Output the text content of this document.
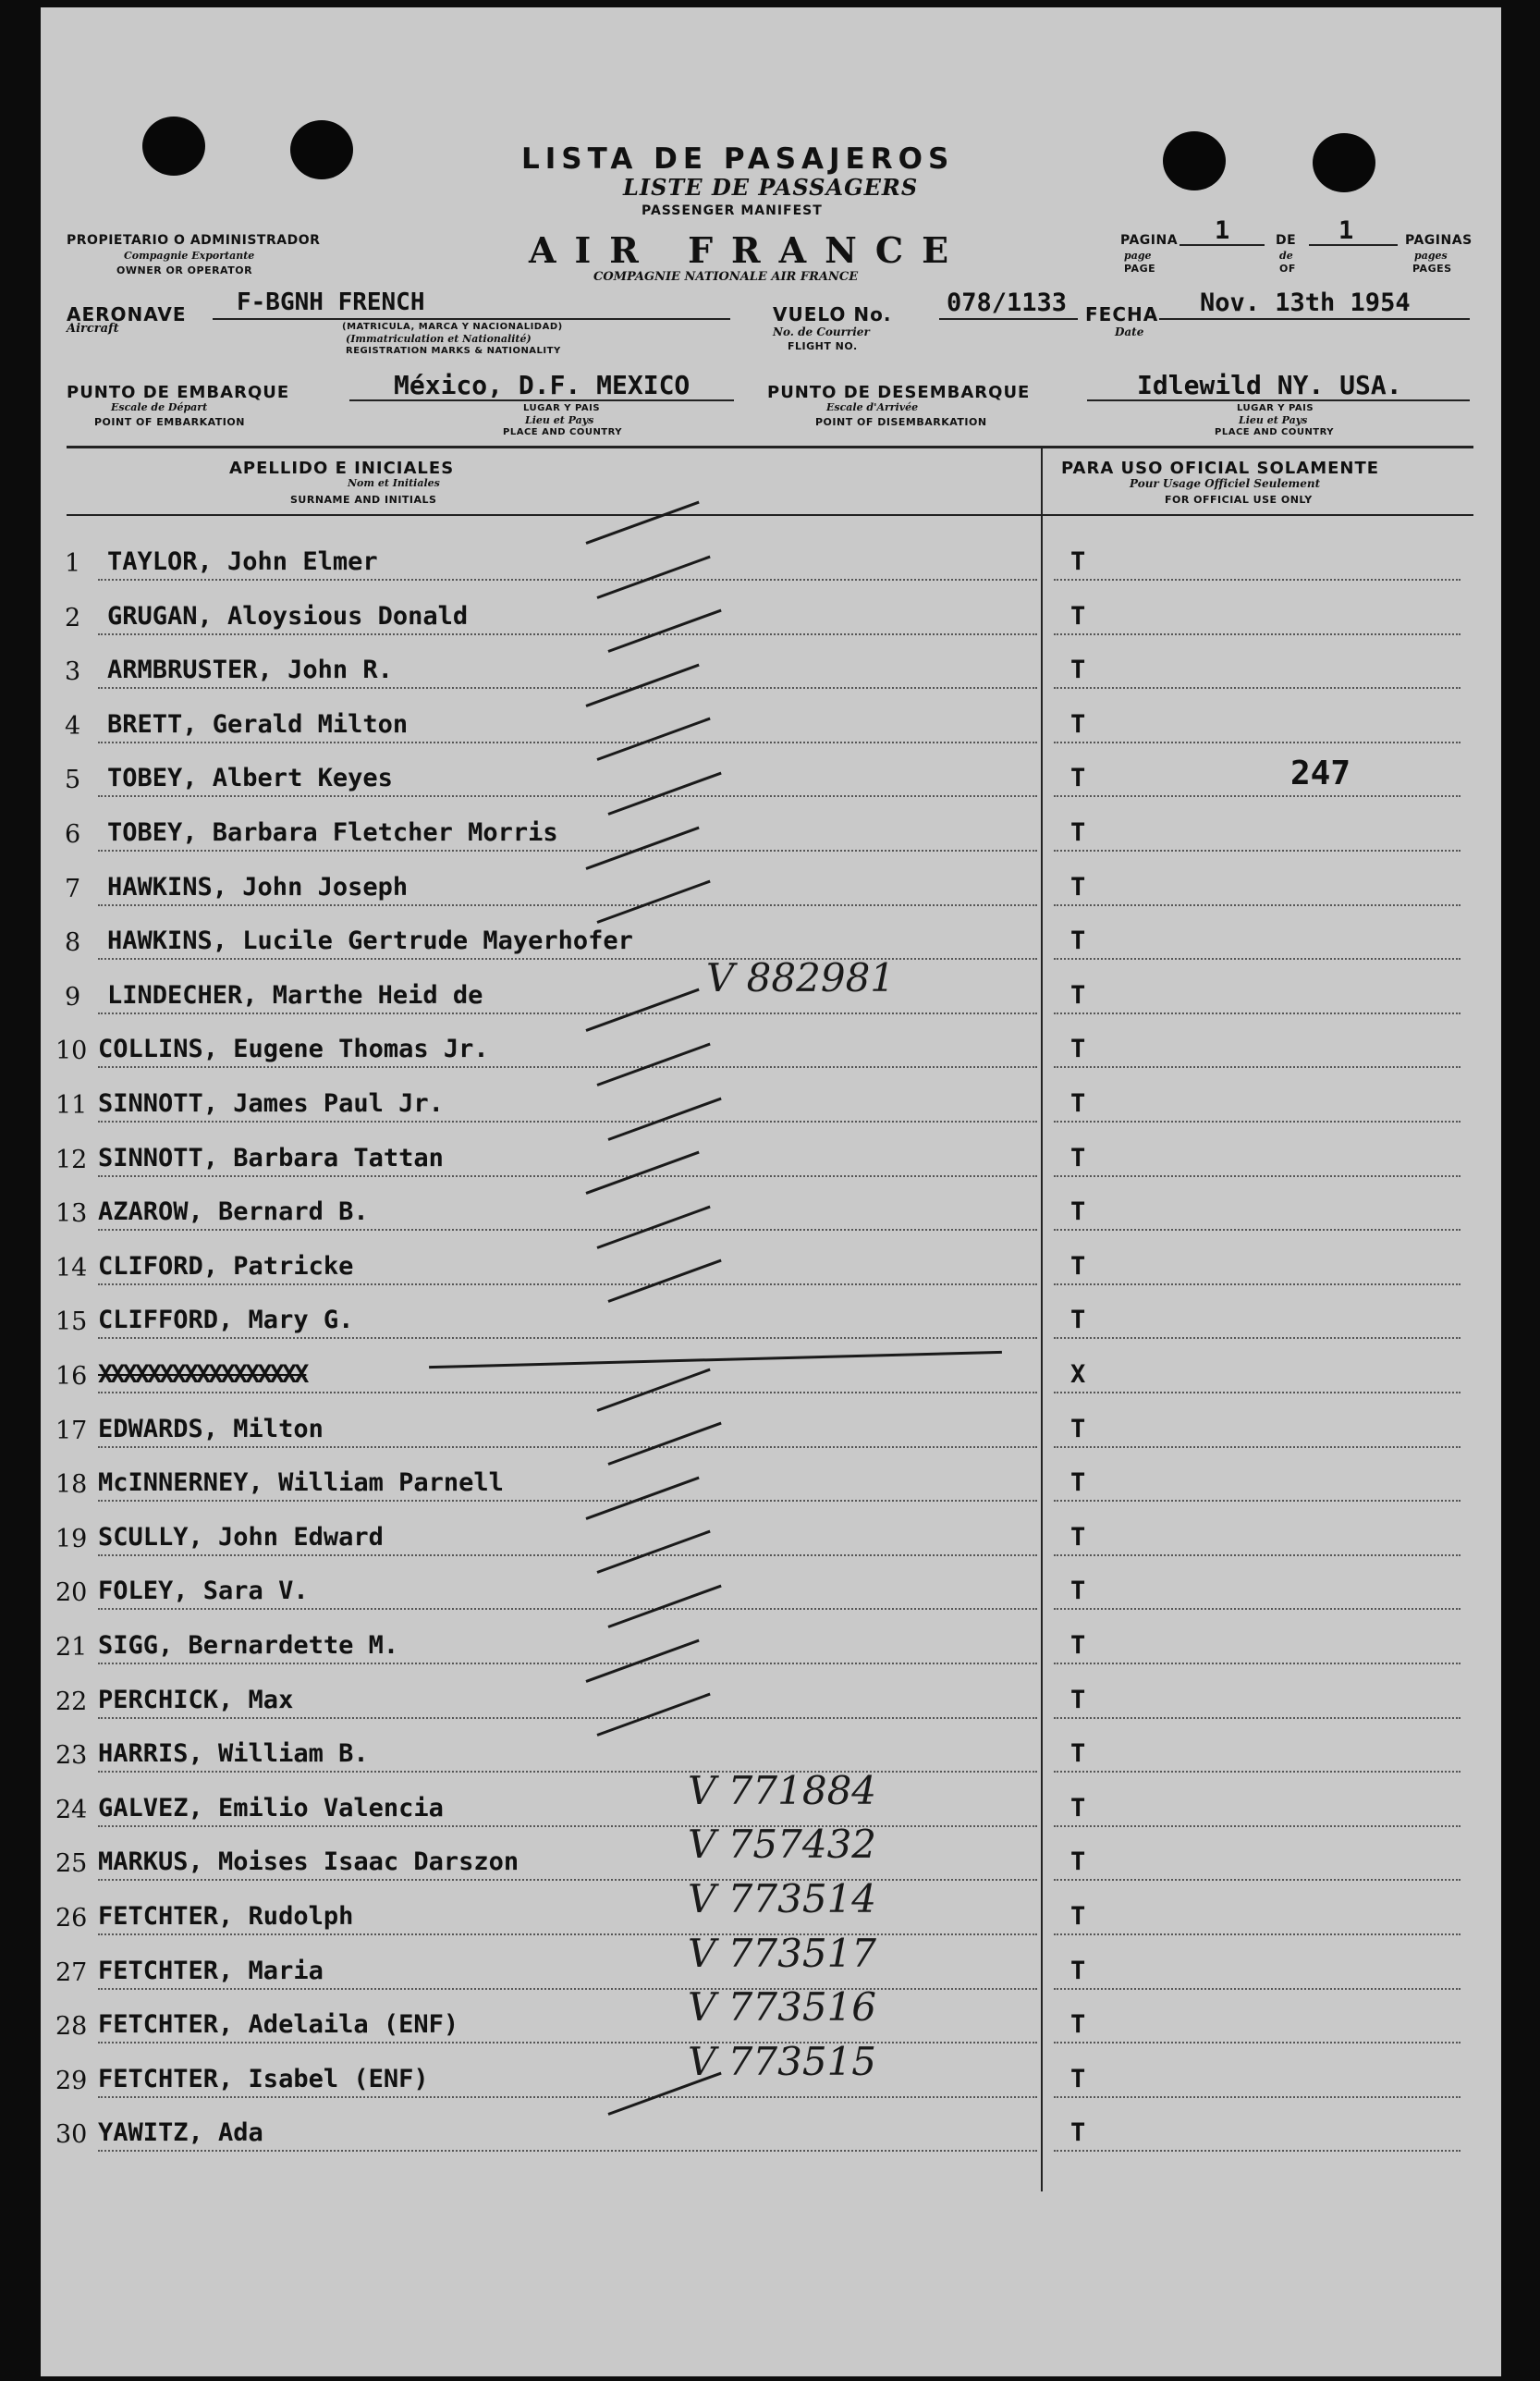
LISTA DE PASAJEROS
LISTE DE PASSAGERS
PASSENGER MANIFEST
PROPIETARIO O ADMINISTRADOR
Compagnie Exportante
OWNER OR OPERATOR	AIR FRANCE
COMPAGNIE NATIONALE AIR FRANCE
PAGINA
page
PAGE
1	DE
de
OF
1	PAGINAS
pages
PAGES
AERONAVE
Aircraft
F-BGNH FRENCH
(MATRICULA, MARCA Y NACIONALIDAD)
(Immatriculation et Nationalité)
REGISTRATION MARKS & NATIONALITY
VUELO No.
No. de Courrier
FLIGHT NO.
078/1133 FECHA
Date
Nov. 13th 1954
PUNTO DE EMBARQUE
Escale de Départ
POINT OF EMBARKATION
México, D.F. MEXICO
LUGAR Y PAIS
Lieu et Pays
PLACE AND COUNTRY
PUNTO DE DESEMBARQUE
Escale d'Arrivée
POINT OF DISEMBARKATION
Idlewild NY. USA.
LUGAR Y PAIS
Lieu et Pays
PLACE AND COUNTRY
APELLIDO E INICIALES
Nom et Initiales
SURNAME AND INITIALS
PARA USO OFICIAL SOLAMENTE
Pour Usage Officiel Seulement
FOR OFFICIAL USE ONLY
247
1 TAYLOR, John Elmer	T
2 GRUGAN, Aloysious Donald	T
3 ARMBRUSTER, John R.	T
4 BRETT, Gerald Milton	T
5 TOBEY, Albert Keyes	T
6 TOBEY, Barbara Fletcher Morris	T
7 HAWKINS, John Joseph	T
8 HAWKINS, Lucile Gertrude Mayerhofer	T
9 LINDECHER, Marthe Heid de	T
V 882981
10 COLLINS, Eugene Thomas Jr.	T
11 SINNOTT, James Paul Jr.	T
12 SINNOTT, Barbara Tattan	T
13 AZAROW, Bernard B.	T
14 CLIFORD, Patricke	T
15 CLIFFORD, Mary G.	T
16 XXXXXXXXXXXXXXXXX	X
17 EDWARDS, Milton	T
18 McINNERNEY, William Parnell	T
19 SCULLY, John Edward	T
20 FOLEY, Sara V.	T
21 SIGG, Bernardette M.	T
22 PERCHICK, Max	T
23 HARRIS, William B.	T
24 GALVEZ, Emilio Valencia	T
V 771884
25 MARKUS, Moises Isaac Darszon	T
V 757432
26 FETCHTER, Rudolph	T
V 773514
27 FETCHTER, Maria	T
V 773517
28 FETCHTER, Adelaila (ENF)	T
V 773516
29 FETCHTER, Isabel (ENF)	T
V 773515
30 YAWITZ, Ada	T
